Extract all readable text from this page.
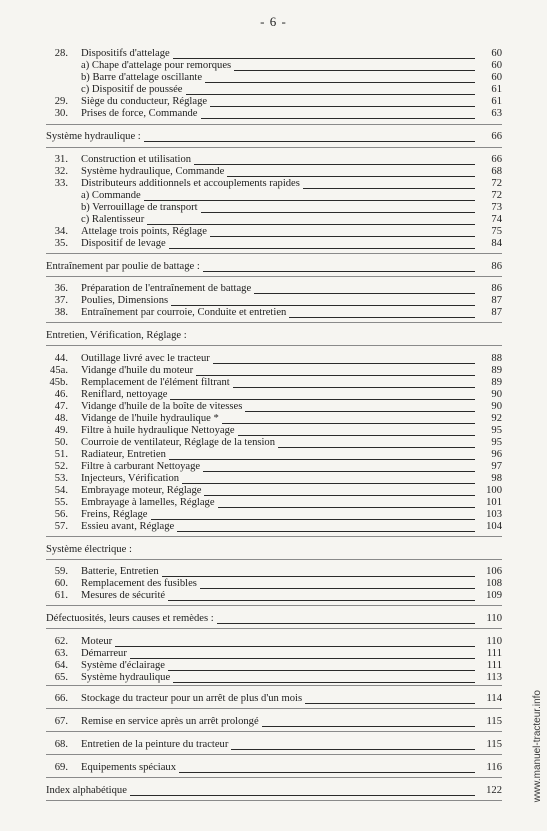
- 6 -
28. Dispositifs d'attelage	60
a) Chape d'attelage pour remorques	60
b) Barre d'attelage oscillante	60
c) Dispositif de poussée	61
29. Siège du conducteur, Réglage	61
30. Prises de force, Commande	63
Système hydraulique :	66
31. Construction et utilisation	66
32. Système hydraulique, Commande	68
33. Distributeurs additionnels et accouplements rapides	72
a) Commande	72
b) Verrouillage de transport	73
c) Ralentisseur	74
34. Attelage trois points, Réglage	75
35. Dispositif de levage	84
Entraînement par poulie de battage :	86
36. Préparation de l'entraînement de battage	86
37. Poulies, Dimensions	87
38. Entraînement par courroie, Conduite et entretien	87
Entretien, Vérification, Réglage :
44. Outillage livré avec le tracteur	88
45a. Vidange d'huile du moteur	89
45b. Remplacement de l'élément filtrant	89
46. Reniflard, nettoyage	90
47. Vidange d'huile de la boîte de vitesses	90
48. Vidange de l'huile hydraulique *	92
49. Filtre à huile hydraulique Nettoyage	95
50. Courroie de ventilateur, Réglage de la tension	95
51. Radiateur, Entretien	96
52. Filtre à carburant Nettoyage	97
53. Injecteurs, Vérification	98
54. Embrayage moteur, Réglage	100
55. Embrayage à lamelles, Réglage	101
56. Freins, Réglage	103
57. Essieu avant, Réglage	104
Système électrique :
59. Batterie, Entretien	106
60. Remplacement des fusibles	108
61. Mesures de sécurité	109
Défectuosités, leurs causes et remèdes :	110
62. Moteur	110
63. Démarreur	111
64. Système d'éclairage	111
65. Système hydraulique	113
66. Stockage du tracteur pour un arrêt de plus d'un mois	114
67. Remise en service après un arrêt prolongé	115
68. Entretien de la peinture du tracteur	115
69. Equipements spéciaux	116
Index alphabétique	122	www.manuel-tracteur.info
